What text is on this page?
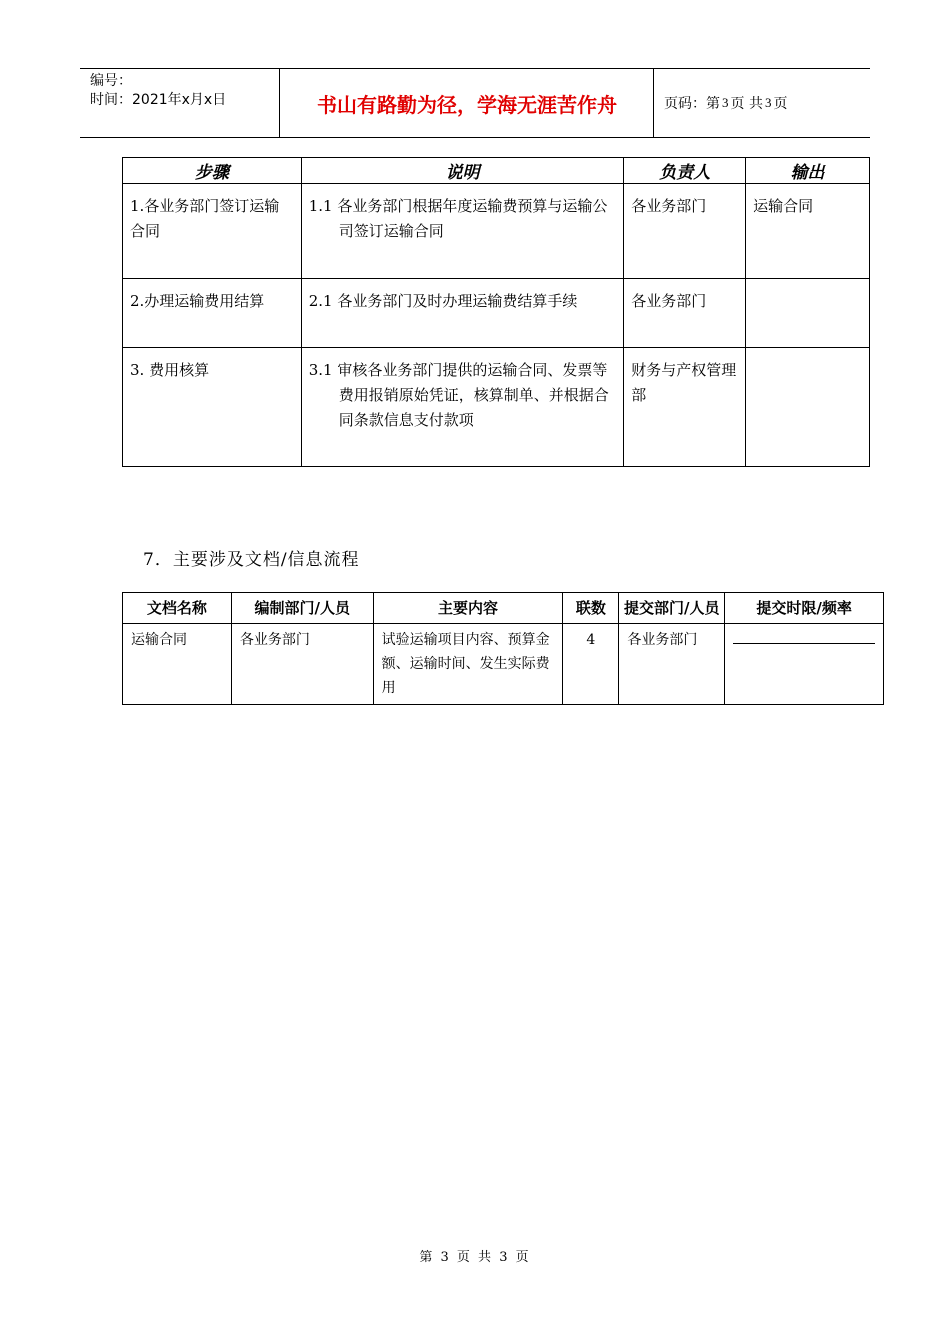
编号：
时间：2021年x月x日	书山有路勤为径，学海无涯苦作舟	页码：第 3 页 共 3 页
步骤	说明	负责人	输出
1.各业务部门签订运输合同	1.1 各业务部门根据年度运输费预算与运输公司签订运输合同	各业务部门	运输合同
2.办理运输费用结算	2.1 各业务部门及时办理运输费结算手续	各业务部门	
3. 费用核算	3.1 审核各业务部门提供的运输合同、发票等费用报销原始凭证，核算制单、并根据合同条款信息支付款项	财务与产权管理部	
7．主要涉及文档/信息流程
文档名称	编制部门/人员	主要内容	联数	提交部门/人员	提交时限/频率
运输合同	各业务部门	试验运输项目内容、预算金额、运输时间、发生实际费用	4	各业务部门	
第 3 页 共 3 页
